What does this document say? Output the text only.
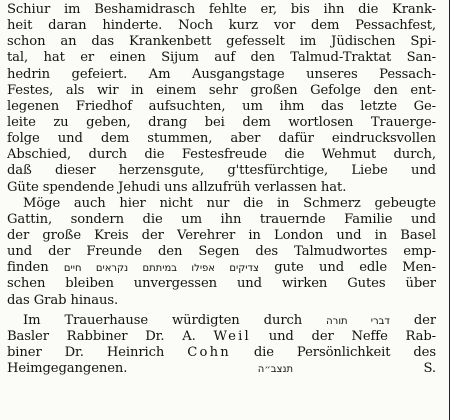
Schiur im Beshamidrasch fehlte er, bis ihn die Krank-
heit daran hinderte. Noch kurz vor dem Pessachfest,
schon an das Krankenbett gefesselt im Jüdischen Spi-
tal, hat er einen Sijum auf den Talmud-Traktat San-
hedrin gefeiert. Am Ausgangstage unseres Pessach-
Festes, als wir in einem sehr großen Gefolge den ent-
legenen Friedhof aufsuchten, um ihm das letzte Ge-
leite zu geben, drang bei dem wortlosen Trauerge-
folge und dem stummen, aber dafür eindrucksvollen
Abschied, durch die Festesfreude die Wehmut durch,
daß dieser herzensgute, g'ttesfürchtige, Liebe und
Güte spendende Jehudi uns allzufrüh verlassen hat.
Möge auch hier nicht nur die in Schmerz gebeugte
Gattin, sondern die um ihn trauernde Familie und
der große Kreis der Verehrer in London und in Basel
und der Freunde den Segen des Talmudwortes emp-
finden צדיקים אפילו במיתתם נקראים חיים gute und edle Men-
schen bleiben unvergessen und wirken Gutes über
das Grab hinaus.
Im Trauerhause würdigten durch דברי תורה der
Basler Rabbiner Dr. A. Weil und der Neffe Rab-
biner Dr. Heinrich Cohn die Persönlichkeit des
Heimgegangenen.	תנצב״ה	S.
